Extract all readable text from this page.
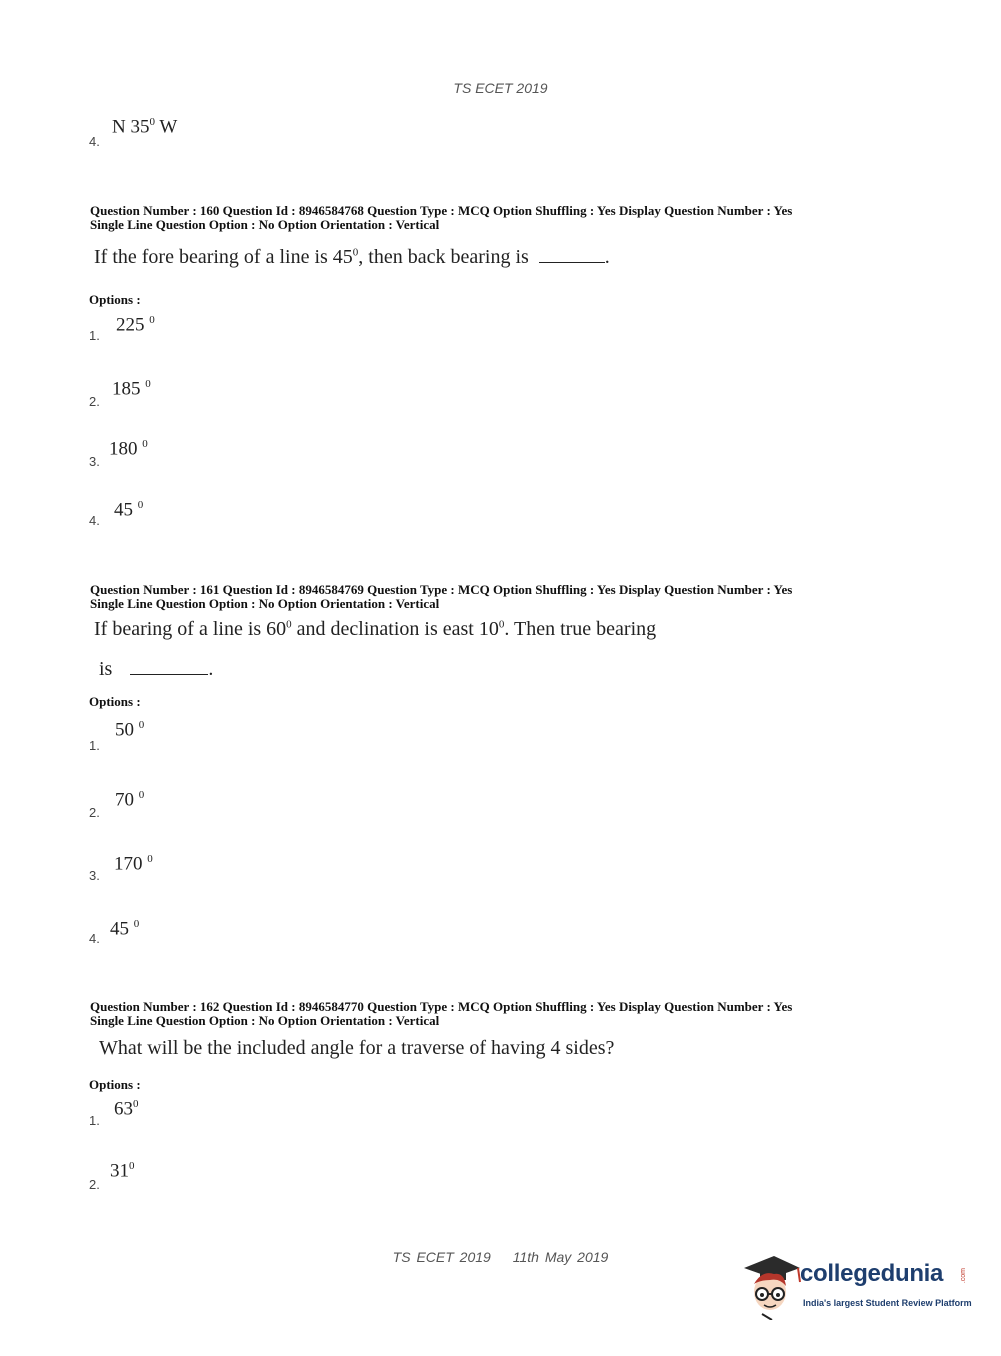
TS ECET 2019
4.
N $35^0$ W
Question Number : 160 Question Id : 8946584768 Question Type : MCQ Option Shuffling : Yes Display Question Number : Yes
Single Line Question Option : No Option Orientation : Vertical
If the fore bearing of a line is $45^0$, then back bearing is	.
Options :
1.
225 $^0$
2.
185 $^0$
3.
180 $^0$
4.
45 $^0$
Question Number : 161 Question Id : 8946584769 Question Type : MCQ Option Shuffling : Yes Display Question Number : Yes
Single Line Question Option : No Option Orientation : Vertical
If bearing of a line is $60^0$ and declination is east $10^0$. Then true bearing
is	.
Options :
1.
50 $^0$
2.
70 $^0$
3.
170 $^0$
4. 45 $^0$
Question Number : 162 Question Id : 8946584770 Question Type : MCQ Option Shuffling : Yes Display Question Number : Yes
Single Line Question Option : No Option Orientation : Vertical
What will be the included angle for a traverse of having 4 sides?
Options :
1.
$63^0$
2.
$31^0$
TS ECET 2019 11th May 2019
collegedunia .com
India's largest Student Review Platform
